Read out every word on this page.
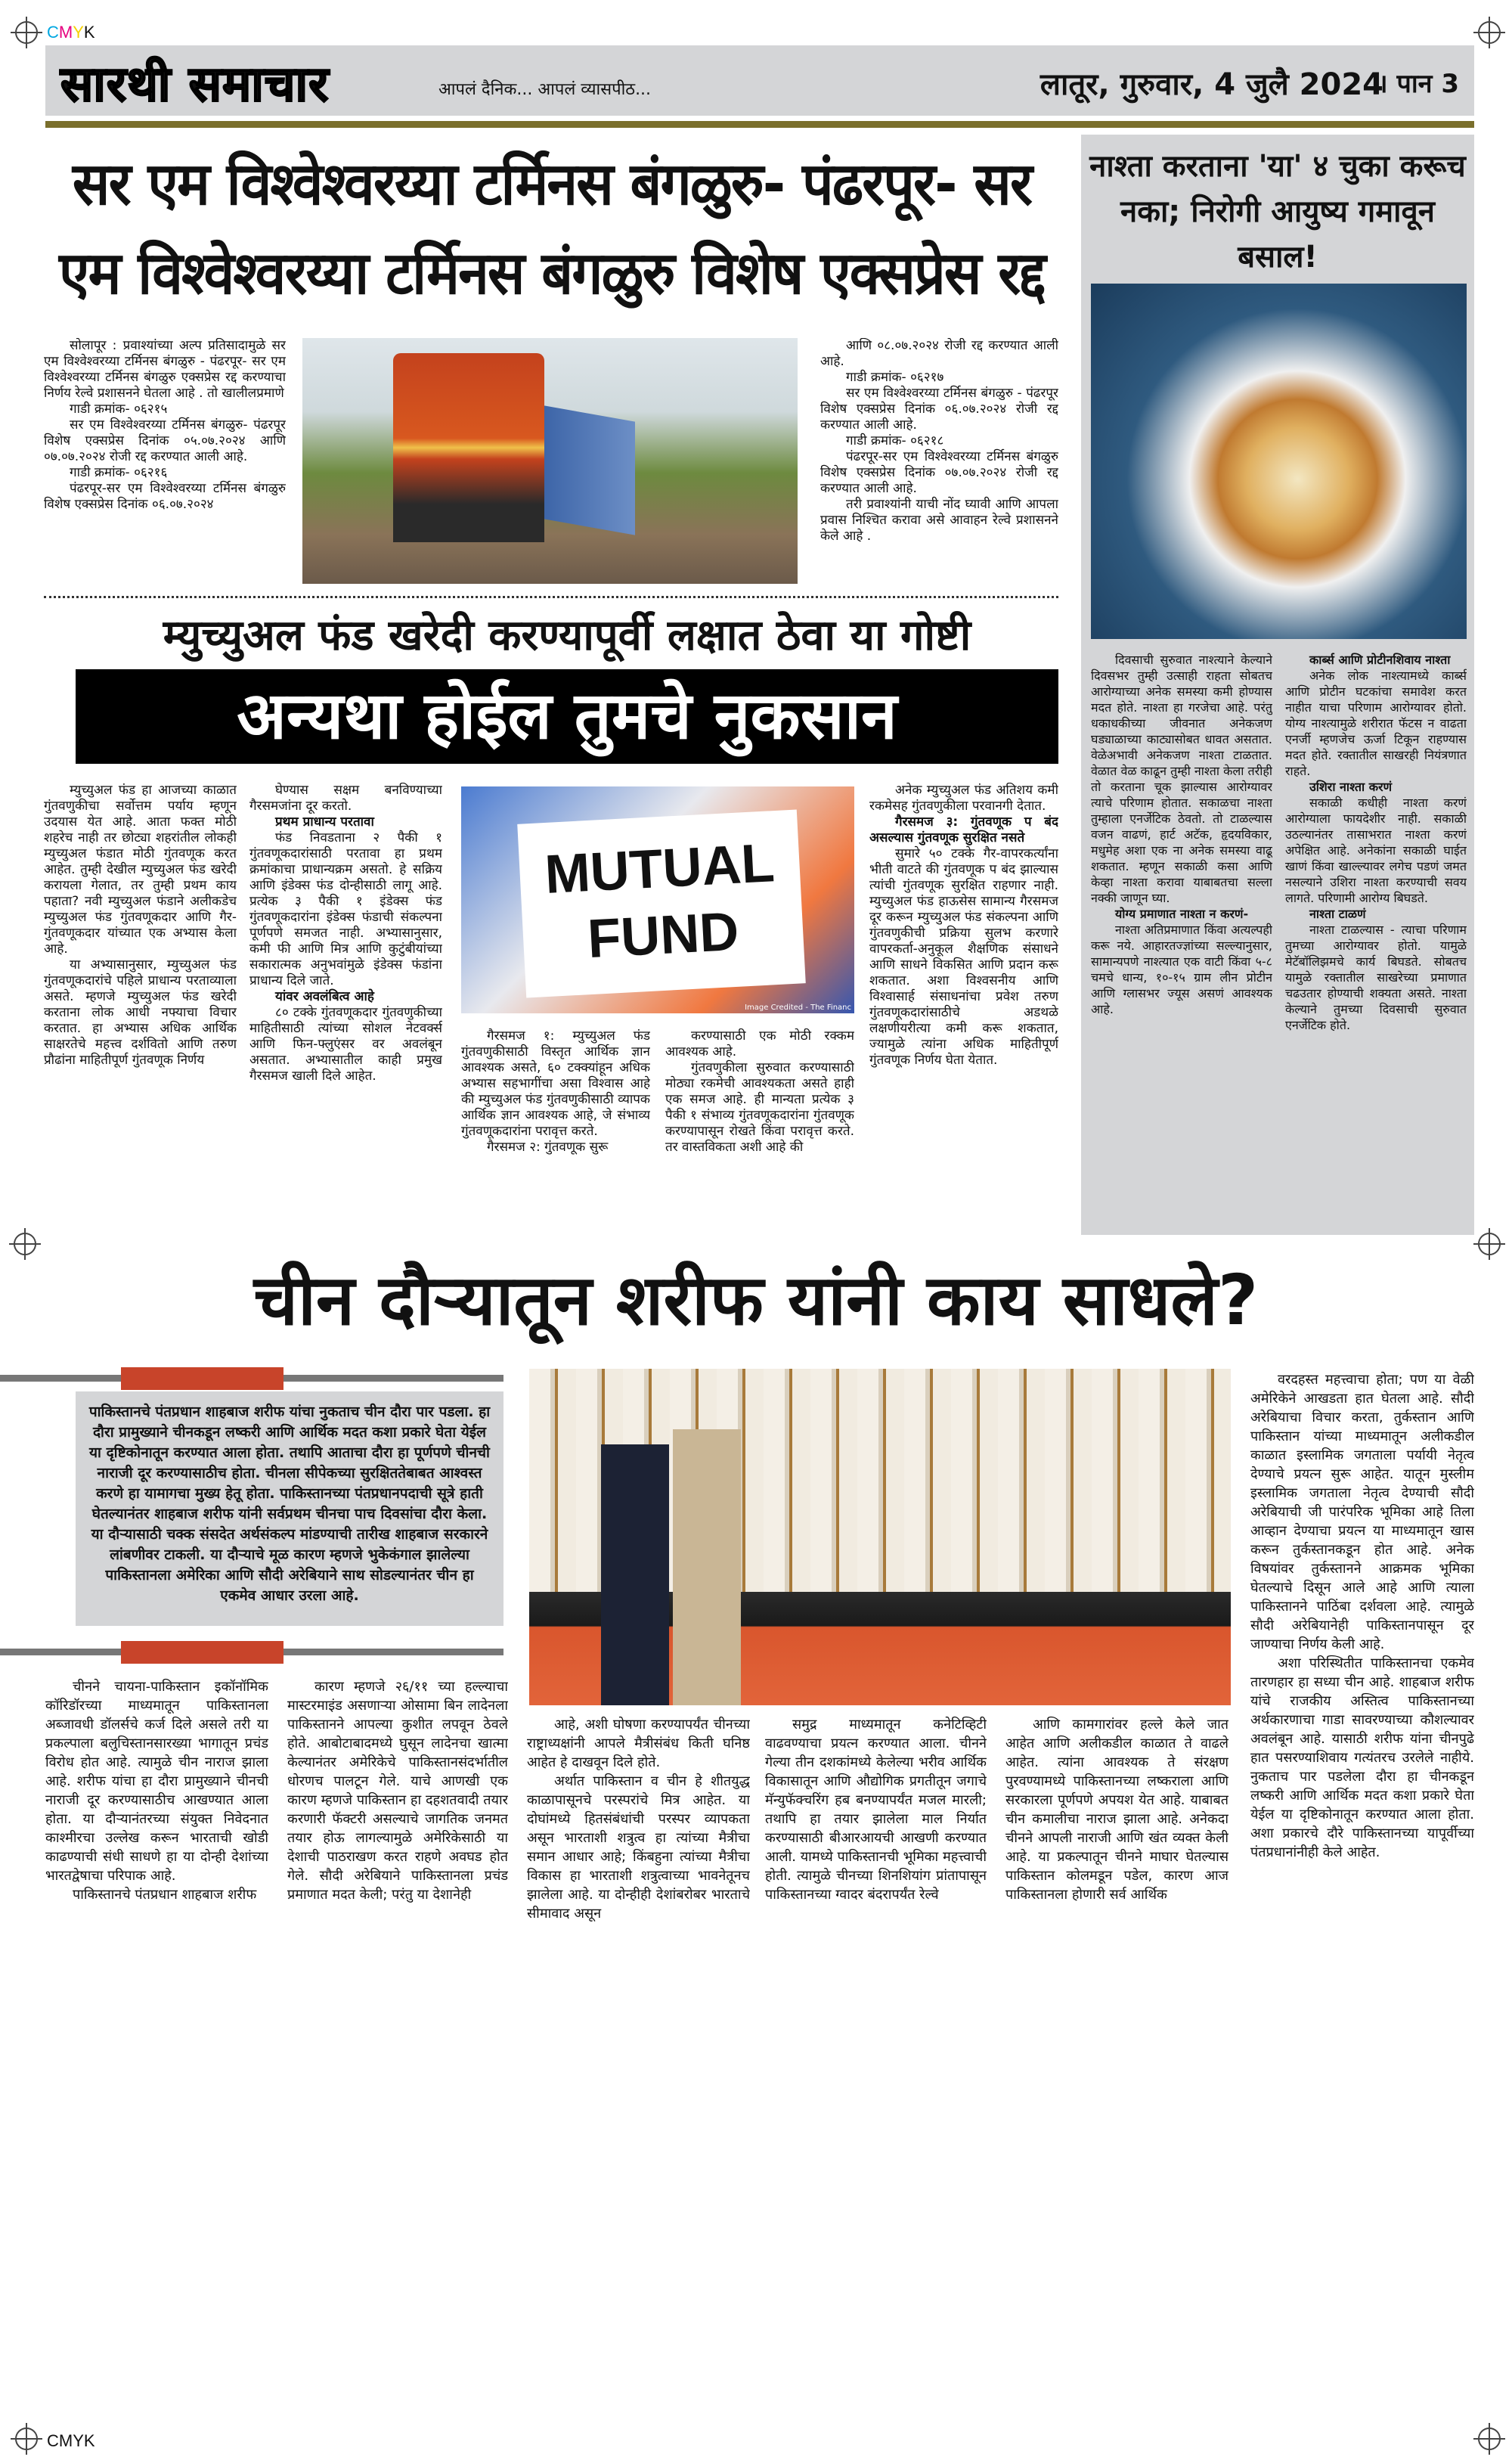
CMYK
CMYK
सारथी समाचार	आपलं दैनिक... आपलं व्यासपीठ...	लातूर, गुरुवार, 4 जुलै 2024
। पान 3
सर एम विश्वेश्वरय्या टर्मिनस बंगळुरु- पंढरपूर- सर एम विश्वेश्वरय्या टर्मिनस बंगळुरु विशेष एक्सप्रेस रद्द

सोलापूर : प्रवाश्यांच्या अल्प प्रतिसादामुळे सर एम विश्वेश्वरय्या टर्मिनस बंगळुरु - पंढरपूर- सर एम विश्वेश्वरय्या टर्मिनस बंगळुरु एक्सप्रेस रद्द करण्याचा निर्णय रेल्वे प्रशासनने घेतला आहे . तो खालीलप्रमाणे

गाडी क्रमांक- ०६२१५

सर एम विश्वेश्वरय्या टर्मिनस बंगळुरु- पंढरपूर विशेष एक्सप्रेस दिनांक ०५.०७.२०२४ आणि ०७.०७.२०२४ रोजी रद्द करण्यात आली आहे.

गाडी क्रमांक- ०६२१६

पंढरपूर-सर एम विश्वेश्वरय्या टर्मिनस बंगळुरु विशेष एक्सप्रेस दिनांक ०६.०७.२०२४

आणि ०८.०७.२०२४ रोजी रद्द करण्यात आली आहे.

गाडी क्रमांक- ०६२१७

सर एम विश्वेश्वरय्या टर्मिनस बंगळुरु - पंढरपूर विशेष एक्सप्रेस दिनांक ०६.०७.२०२४ रोजी रद्द करण्यात आली आहे.

गाडी क्रमांक- ०६२१८

पंढरपूर-सर एम विश्वेश्वरय्या टर्मिनस बंगळुरु विशेष एक्सप्रेस दिनांक ०७.०७.२०२४ रोजी रद्द करण्यात आली आहे.

तरी प्रवाश्यांनी याची नोंद घ्यावी आणि आपला प्रवास निश्चित करावा असे आवाहन रेल्वे प्रशासनने केले आहे .

म्युच्युअल फंड खरेदी करण्यापूर्वी लक्षात ठेवा या गोष्टी
अन्यथा होईल तुमचे नुकसान

म्युच्युअल फंड हा आजच्या काळात गुंतवणुकीचा सर्वोत्तम पर्याय म्हणून उदयास येत आहे. आता फक्त मोठी शहरेच नाही तर छोट्या शहरांतील लोकही म्युच्युअल फंडात मोठी गुंतवणूक करत आहेत. तुम्ही देखील म्युच्युअल फंड खरेदी करायला गेलात, तर तुम्ही प्रथम काय पहाता? नवी म्युच्युअल फंडाने अलीकडेच म्युच्युअल फंड गुंतवणूकदार आणि गैर-गुंतवणूकदार यांच्यात एक अभ्यास केला आहे.

या अभ्यासानुसार, म्युच्युअल फंड गुंतवणूकदारांचे पहिले प्राधान्य परताव्याला असते. म्हणजे म्युच्युअल फंड खरेदी करताना लोक आधी नफ्याचा विचार करतात. हा अभ्यास अधिक आर्थिक साक्षरतेचे महत्त्व दर्शवितो आणि तरुण प्रौढांना माहितीपूर्ण गुंतवणूक निर्णय

घेण्यास सक्षम बनविण्याच्या गैरसमजांना दूर करतो.

प्रथम प्राधान्य परतावा

फंड निवडताना २ पैकी १ गुंतवणूकदारांसाठी परतावा हा प्रथम क्रमांकाचा प्राधान्यक्रम असतो. हे सक्रिय आणि इंडेक्स फंड दोन्हीसाठी लागू आहे. प्रत्येक ३ पैकी १ इंडेक्स फंड गुंतवणूकदारांना इंडेक्स फंडाची संकल्पना पूर्णपणे समजत नाही. अभ्यासानुसार, कमी फी आणि मित्र आणि कुटुंबीयांच्या सकारात्मक अनुभवांमुळे इंडेक्स फंडांना प्राधान्य दिले जाते.

यांवर अवलंबित्व आहे

८० टक्के गुंतवणूकदार गुंतवणुकीच्या माहितीसाठी त्यांच्या सोशल नेटवर्क्स आणि फिन-फ्लुएंसर वर अवलंबून असतात. अभ्यासातील काही प्रमुख गैरसमज खाली दिले आहेत.

MUTUAL FUND
Image Credited - The Financ

गैरसमज १: म्युच्युअल फंड गुंतवणुकीसाठी विस्तृत आर्थिक ज्ञान आवश्यक असते, ६० टक्क्यांहून अधिक अभ्यास सहभागींचा असा विश्वास आहे की म्युच्युअल फंड गुंतवणुकीसाठी व्यापक आर्थिक ज्ञान आवश्यक आहे, जे संभाव्य गुंतवणूकदारांना परावृत्त करते.

गैरसमज २: गुंतवणूक सुरू

करण्यासाठी एक मोठी रक्कम आवश्यक आहे.

गुंतवणुकीला सुरुवात करण्यासाठी मोठ्या रकमेची आवश्यकता असते हाही एक समज आहे. ही मान्यता प्रत्येक ३ पैकी १ संभाव्य गुंतवणूकदारांना गुंतवणूक करण्यापासून रोखते किंवा परावृत्त करते. तर वास्तविकता अशी आहे की

अनेक म्युच्युअल फंड अतिशय कमी रकमेसह गुंतवणुकीला परवानगी देतात.

गैरसमज ३: गुंतवणूक प बंद असल्यास गुंतवणूक सुरक्षित नसते

सुमारे ५० टक्के गैर-वापरकर्त्यांना भीती वाटते की गुंतवणूक प बंद झाल्यास त्यांची गुंतवणूक सुरक्षित राहणार नाही. म्युच्युअल फंड हाऊसेस सामान्य गैरसमज दूर करून म्युच्युअल फंड संकल्पना आणि गुंतवणुकीची प्रक्रिया सुलभ करणारे वापरकर्ता-अनुकूल शैक्षणिक संसाधने आणि साधने विकसित आणि प्रदान करू शकतात. अशा विश्वसनीय आणि विश्वासार्ह संसाधनांचा प्रवेश तरुण गुंतवणूकदारांसाठीचे अडथळे लक्षणीयरीत्या कमी करू शकतात, ज्यामुळे त्यांना अधिक माहितीपूर्ण गुंतवणूक निर्णय घेता येतात.

नाश्ता करताना 'या' ४ चुका करूच नका; निरोगी आयुष्य गमावून बसाल!

दिवसाची सुरुवात नाश्त्याने केल्याने दिवसभर तुम्ही उत्साही राहता सोबतच आरोग्याच्या अनेक समस्या कमी होण्यास मदत होते. नाश्ता हा गरजेचा आहे. परंतु धकाधकीच्या जीवनात अनेकजण घड्याळाच्या काट्यासोबत धावत असतात. वेळेअभावी अनेकजण नाश्ता टाळतात. वेळात वेळ काढून तुम्ही नाश्ता केला तरीही तो करताना चूक झाल्यास आरोग्यावर त्याचे परिणाम होतात. सकाळचा नाश्ता तुम्हाला एनर्जेटिक ठेवतो. तो टाळल्यास वजन वाढणं, हार्ट अटॅक, हृदयविकार, मधुमेह अशा एक ना अनेक समस्या वाढू शकतात. म्हणून सकाळी कसा आणि केव्हा नाश्ता करावा याबाबतचा सल्ला नक्की जाणून घ्या.

योग्य प्रमाणात नाश्ता न करणं-

नाश्ता अतिप्रमाणात किंवा अत्यल्पही करू नये. आहारतज्ज्ञांच्या सल्ल्यानुसार, सामान्यपणे नाश्त्यात एक वाटी किंवा ५-८ चमचे धान्य, १०-१५ ग्राम लीन प्रोटीन आणि ग्लासभर ज्यूस असणं आवश्यक आहे.

कार्ब्स आणि प्रोटीनशिवाय नाश्ता

अनेक लोक नाश्त्यामध्ये कार्ब्स आणि प्रोटीन घटकांचा समावेश करत नाहीत याचा परिणाम आरोग्यावर होतो. योग्य नाश्त्यामुळे शरीरात फॅटस न वाढता एनर्जी म्हणजेच ऊर्जा टिकून राहण्यास मदत होते. रक्तातील साखरही नियंत्रणात राहते.

उशिरा नाश्ता करणं

सकाळी कधीही नाश्ता करणं आरोग्याला फायदेशीर नाही. सकाळी उठल्यानंतर तासाभरात नाश्ता करणं अपेक्षित आहे. अनेकांना सकाळी घाईत खाणं किंवा खाल्ल्यावर लगेच पडणं जमत नसल्याने उशिरा नाश्ता करण्याची सवय लागते. परिणामी आरोग्य बिघडते.

नाश्ता टाळणं

नाश्ता टाळल्यास - त्याचा परिणाम तुमच्या आरोग्यावर होतो. यामुळे मेटॅबॉलिझमचे कार्य बिघडते. सोबतच यामुळे रक्तातील साखरेच्या प्रमाणात चढउतार होण्याची शक्यता असते. नाश्ता केल्याने तुमच्या दिवसाची सुरुवात एनर्जेटिक होते.

चीन दौऱ्यातून शरीफ यांनी काय साधले?
पाकिस्तानचे पंतप्रधान शाहबाज शरीफ यांचा नुकताच चीन दौरा पार पडला. हा दौरा प्रामुख्याने चीनकडून लष्करी आणि आर्थिक मदत कशा प्रकारे घेता येईल या दृष्टिकोनातून करण्यात आला होता. तथापि आताचा दौरा हा पूर्णपणे चीनची नाराजी दूर करण्यासाठीच होता. चीनला सीपेकच्या सुरक्षिततेबाबत आश्वस्त करणे हा यामागचा मुख्य हेतू होता. पाकिस्तानच्या पंतप्रधानपदाची सूत्रे हाती घेतल्यानंतर शाहबाज शरीफ यांनी सर्वप्रथम चीनचा पाच दिवसांचा दौरा केला. या दौऱ्यासाठी चक्क संसदेत अर्थसंकल्प मांडण्याची तारीख शाहबाज सरकारने लांबणीवर टाकली. या दौऱ्याचे मूळ कारण म्हणजे भुकेकंगाल झालेल्या पाकिस्तानला अमेरिका आणि सौदी अरेबियाने साथ सोडल्यानंतर चीन हा एकमेव आधार उरला आहे.

वरदहस्त महत्त्वाचा होता; पण या वेळी अमेरिकेने आखडता हात घेतला आहे. सौदी अरेबियाचा विचार करता, तुर्कस्तान आणि पाकिस्तान यांच्या माध्यमातून अलीकडील काळात इस्लामिक जगताला पर्यायी नेतृत्व देण्याचे प्रयत्न सुरू आहेत. यातून मुस्लीम इस्लामिक जगताला नेतृत्व देण्याची सौदी अरेबियाची जी पारंपरिक भूमिका आहे तिला आव्हान देण्याचा प्रयत्न या माध्यमातून खास करून तुर्कस्तानकडून होत आहे. अनेक विषयांवर तुर्कस्तानने आक्रमक भूमिका घेतल्याचे दिसून आले आहे आणि त्याला पाकिस्तानने पाठिंबा दर्शवला आहे. त्यामुळे सौदी अरेबियानेही पाकिस्तानपासून दूर जाण्याचा निर्णय केली आहे.

अशा परिस्थितीत पाकिस्तानचा एकमेव तारणहार हा सध्या चीन आहे. शाहबाज शरीफ यांचे राजकीय अस्तित्व पाकिस्तानच्या अर्थकारणाचा गाडा सावरण्याच्या कौशल्यावर अवलंबून आहे. यासाठी शरीफ यांना चीनपुढे हात पसरण्याशिवाय गत्यंतरच उरलेले नाहीये. नुकताच पार पडलेला दौरा हा चीनकडून लष्करी आणि आर्थिक मदत कशा प्रकारे घेता येईल या दृष्टिकोनातून करण्यात आला होता. अशा प्रकारचे दौरे पाकिस्तानच्या यापूर्वीच्या पंतप्रधानांनीही केले आहेत.

चीनने चायना-पाकिस्तान इकॉनॉमिक कॉरिडॉरच्या माध्यमातून पाकिस्तानला अब्जावधी डॉलर्सचे कर्ज दिले असले तरी या प्रकल्पाला बलुचिस्तानसारख्या भागातून प्रचंड विरोध होत आहे. त्यामुळे चीन नाराज झाला आहे. शरीफ यांचा हा दौरा प्रामुख्याने चीनची नाराजी दूर करण्यासाठीच आखण्यात आला होता. या दौऱ्यानंतरच्या संयुक्त निवेदनात काश्मीरचा उल्लेख करून भारताची खोडी काढण्याची संधी साधणे हा या दोन्ही देशांच्या भारतद्वेषाचा परिपाक आहे.

पाकिस्तानचे पंतप्रधान शाहबाज शरीफ

कारण म्हणजे २६/११ च्या हल्ल्याचा मास्टरमाइंड असणाऱ्या ओसामा बिन लादेनला पाकिस्तानने आपल्या कुशीत लपवून ठेवले होते. आबोटाबादमध्ये घुसून लादेनचा खात्मा केल्यानंतर अमेरिकेचे पाकिस्तानसंदर्भातील धोरणच पालटून गेले. याचे आणखी एक कारण म्हणजे पाकिस्तान हा दहशतवादी तयार करणारी फॅक्टरी असल्याचे जागतिक जनमत तयार होऊ लागल्यामुळे अमेरिकेसाठी या देशाची पाठराखण करत राहणे अवघड होत गेले. सौदी अरेबियाने पाकिस्तानला प्रचंड प्रमाणात मदत केली; परंतु या देशानेही

आहे, अशी घोषणा करण्यापर्यंत चीनच्या राष्ट्राध्यक्षांनी आपले मैत्रीसंबंध किती घनिष्ठ आहेत हे दाखवून दिले होते.

अर्थात पाकिस्तान व चीन हे शीतयुद्ध काळापासूनचे परस्परांचे मित्र आहेत. या दोघांमध्ये हितसंबंधांची परस्पर व्यापकता असून भारताशी शत्रुत्व हा त्यांच्या मैत्रीचा समान आधार आहे; किंबहुना त्यांच्या मैत्रीचा विकास हा भारताशी शत्रुत्वाच्या भावनेतूनच झालेला आहे. या दोन्हीही देशांबरोबर भारताचे सीमावाद असून

समुद्र माध्यमातून कनेटिव्हिटी वाढवण्याचा प्रयत्न करण्यात आला. चीनने गेल्या तीन दशकांमध्ये केलेल्या भरीव आर्थिक विकासातून आणि औद्योगिक प्रगतीतून जगाचे मॅन्युफॅक्चरिंग हब बनण्यापर्यंत मजल मारली; तथापि हा तयार झालेला माल निर्यात करण्यासाठी बीआरआयची आखणी करण्यात आली. यामध्ये पाकिस्तानची भूमिका महत्त्वाची होती. त्यामुळे चीनच्या शिनशियांग प्रांतापासून पाकिस्तानच्या ग्वादर बंदरापर्यंत रेल्वे

आणि कामगारांवर हल्ले केले जात आहेत आणि अलीकडील काळात ते वाढले आहेत. त्यांना आवश्यक ते संरक्षण पुरवण्यामध्ये पाकिस्तानच्या लष्कराला आणि सरकारला पूर्णपणे अपयश येत आहे. याबाबत चीन कमालीचा नाराज झाला आहे. अनेकदा चीनने आपली नाराजी आणि खंत व्यक्त केली आहे. या प्रकल्पातून चीनने माघार घेतल्यास पाकिस्तान कोलमडून पडेल, कारण आज पाकिस्तानला होणारी सर्व आर्थिक
